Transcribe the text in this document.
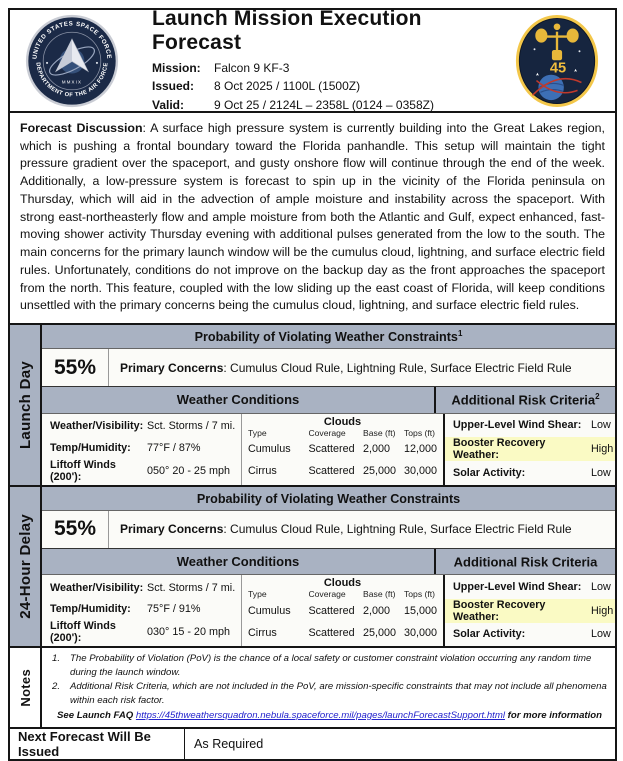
UNITED STATES SPACE FORCE
DEPARTMENT OF THE AIR FORCE
MMXIX
Launch Mission Execution Forecast
Mission:	Falcon 9 KF-3
Issued:	8 Oct 2025 / 1100L (1500Z)
Valid:	9 Oct 25 / 2124L – 2358L (0124 – 0358Z)
45
Forecast Discussion: A surface high pressure system is currently building into the Great Lakes region, which is pushing a frontal boundary toward the Florida panhandle. This setup will maintain the tight pressure gradient over the spaceport, and gusty onshore flow will continue through the end of the week. Additionally, a low-pressure system is forecast to spin up in the vicinity of the Florida peninsula on Thursday, which will aid in the advection of ample moisture and instability across the spaceport. With strong east-northeasterly flow and ample moisture from both the Atlantic and Gulf, expect enhanced, fast-moving shower activity Thursday evening with additional pulses generated from the low to the south. The main concerns for the primary launch window will be the cumulus cloud, lightning, and surface electric field rules. Unfortunately, conditions do not improve on the backup day as the front approaches the spaceport from the north. This feature, coupled with the low sliding up the east coast of Florida, will keep conditions unsettled with the primary concerns being the cumulus cloud, lightning, and surface electric field rules.
Launch Day
Probability of Violating Weather Constraints$^1$
55%	Primary Concerns: Cumulus Cloud Rule, Lightning Rule, Surface Electric Field Rule
Weather Conditions	Additional Risk Criteria$^2$
Weather/Visibility: Sct. Storms / 7 mi.
Temp/Humidity:	77°F / 87%
Liftoff Winds (200'):	050° 20 - 25 mph
Clouds
Type	Coverage	Base (ft) Tops (ft)
Cumulus	Scattered 2,000	12,000
Cirrus	Scattered 25,000 30,000
Upper-Level Wind Shear: Low
Booster Recovery Weather:	High
Solar Activity:	Low
24-Hour Delay
Probability of Violating Weather Constraints
55%	Primary Concerns: Cumulus Cloud Rule, Lightning Rule, Surface Electric Field Rule
Weather Conditions	Additional Risk Criteria
Weather/Visibility: Sct. Storms / 7 mi.
Temp/Humidity:	75°F / 91%
Liftoff Winds (200'):	030° 15 - 20 mph
Clouds
Type	Coverage	Base (ft) Tops (ft)
Cumulus	Scattered 2,000	15,000
Cirrus	Scattered 25,000 30,000
Upper-Level Wind Shear: Low
Booster Recovery Weather:	High
Solar Activity:	Low
Notes
1.	The Probability of Violation (PoV) is the chance of a local safety or customer constraint violation occurring any random time during the launch window.
2.	Additional Risk Criteria, which are not included in the PoV, are mission-specific constraints that may not include all phenomena within each risk factor.
See Launch FAQ https://45thweathersquadron.nebula.spaceforce.mil/pages/launchForecastSupport.html for more information
Next Forecast Will Be Issued	As Required
